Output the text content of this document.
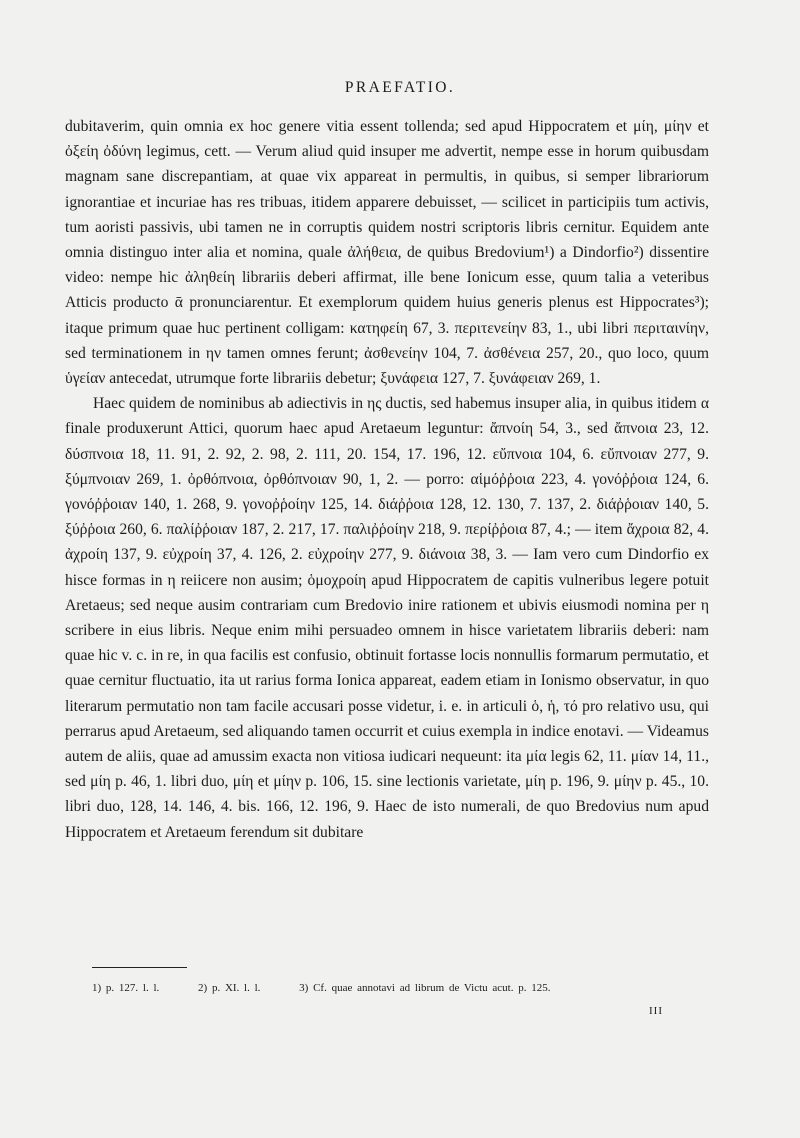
PRAEFATIO.

dubitaverim, quin omnia ex hoc genere vitia essent tollenda; sed apud Hippocratem et μίη, μίην et ὀξείη ὀδύνη legimus, cett. — Verum aliud quid insuper me advertit, nempe esse in horum quibusdam magnam sane discrepantiam, at quae vix appareat in permultis, in quibus, si semper librariorum ignorantiae et incuriae has res tribuas, itidem apparere debuisset, — scilicet in participiis tum activis, tum aoristi passivis, ubi tamen ne in corruptis quidem nostri scriptoris libris cernitur. Equidem ante omnia distinguo inter alia et nomina, quale ἀλήθεια, de quibus Bredovium¹) a Dindorfio²) dissentire video: nempe hic ἀληθείη librariis deberi affirmat, ille bene Ionicum esse, quum talia a veteribus Atticis producto ᾱ pronunciarentur. Et exemplorum quidem huius generis plenus est Hippocrates³); itaque primum quae huc pertinent colligam: κατηφείη 67, 3. περιτενείην 83, 1., ubi libri περιταινίην, sed terminationem in ην tamen omnes ferunt; ἀσθενείην 104, 7. ἀσθένεια 257, 20., quo loco, quum ὑγείαν antecedat, utrumque forte librariis debetur; ξυνάφεια 127, 7. ξυνάφειαν 269, 1.

Haec quidem de nominibus ab adiectivis in ης ductis, sed habemus insuper alia, in quibus itidem α finale produxerunt Attici, quorum haec apud Aretaeum leguntur: ἄπνοίη 54, 3., sed ἄπνοια 23, 12. δύσπνοια 18, 11. 91, 2. 92, 2. 98, 2. 111, 20. 154, 17. 196, 12. εὔπνοια 104, 6. εὔπνοιαν 277, 9. ξύμπνοιαν 269, 1. ὀρθόπνοια, ὀρθόπνοιαν 90, 1, 2. — porro: αἱμόῤῥοια 223, 4. γονόῤῥοια 124, 6. γονόῤῥοιαν 140, 1. 268, 9. γονοῤῥοίην 125, 14. διάῤῥοια 128, 12. 130, 7. 137, 2. διάῤῥοιαν 140, 5. ξύῤῥοια 260, 6. παλίῤῥοιαν 187, 2. 217, 17. παλιῤῥοίην 218, 9. περίῤῥοια 87, 4.; — item ἄχροια 82, 4. ἀχροίη 137, 9. εὐχροίη 37, 4. 126, 2. εὐχροίην 277, 9. διάνοια 38, 3. — Iam vero cum Dindorfio ex hisce formas in η reiicere non ausim; ὁμοχροίη apud Hippocratem de capitis vulneribus legere potuit Aretaeus; sed neque ausim contrariam cum Bredovio inire rationem et ubivis eiusmodi nomina per η scribere in eius libris. Neque enim mihi persuadeo omnem in hisce varietatem librariis deberi: nam quae hic v. c. in re, in qua facilis est confusio, obtinuit fortasse locis nonnullis formarum permutatio, et quae cernitur fluctuatio, ita ut rarius forma Ionica appareat, eadem etiam in Ionismo observatur, in quo literarum permutatio non tam facile accusari posse videtur, i. e. in articuli ὁ, ἡ, τό pro relativo usu, qui perrarus apud Aretaeum, sed aliquando tamen occurrit et cuius exempla in indice enotavi. — Videamus autem de aliis, quae ad amussim exacta non vitiosa iudicari nequeunt: ita μία legis 62, 11. μίαν 14, 11., sed μίη p. 46, 1. libri duo, μίη et μίην p. 106, 15. sine lectionis varietate, μίη p. 196, 9. μίην p. 45., 10. libri duo, 128, 14. 146, 4. bis. 166, 12. 196, 9. Haec de isto numerali, de quo Bredovius num apud Hippocratem et Aretaeum ferendum sit dubitare

1) p. 127. l. l.	2) p. XI. l. l.	3) Cf. quae annotavi ad librum de Victu acut. p. 125.
III
